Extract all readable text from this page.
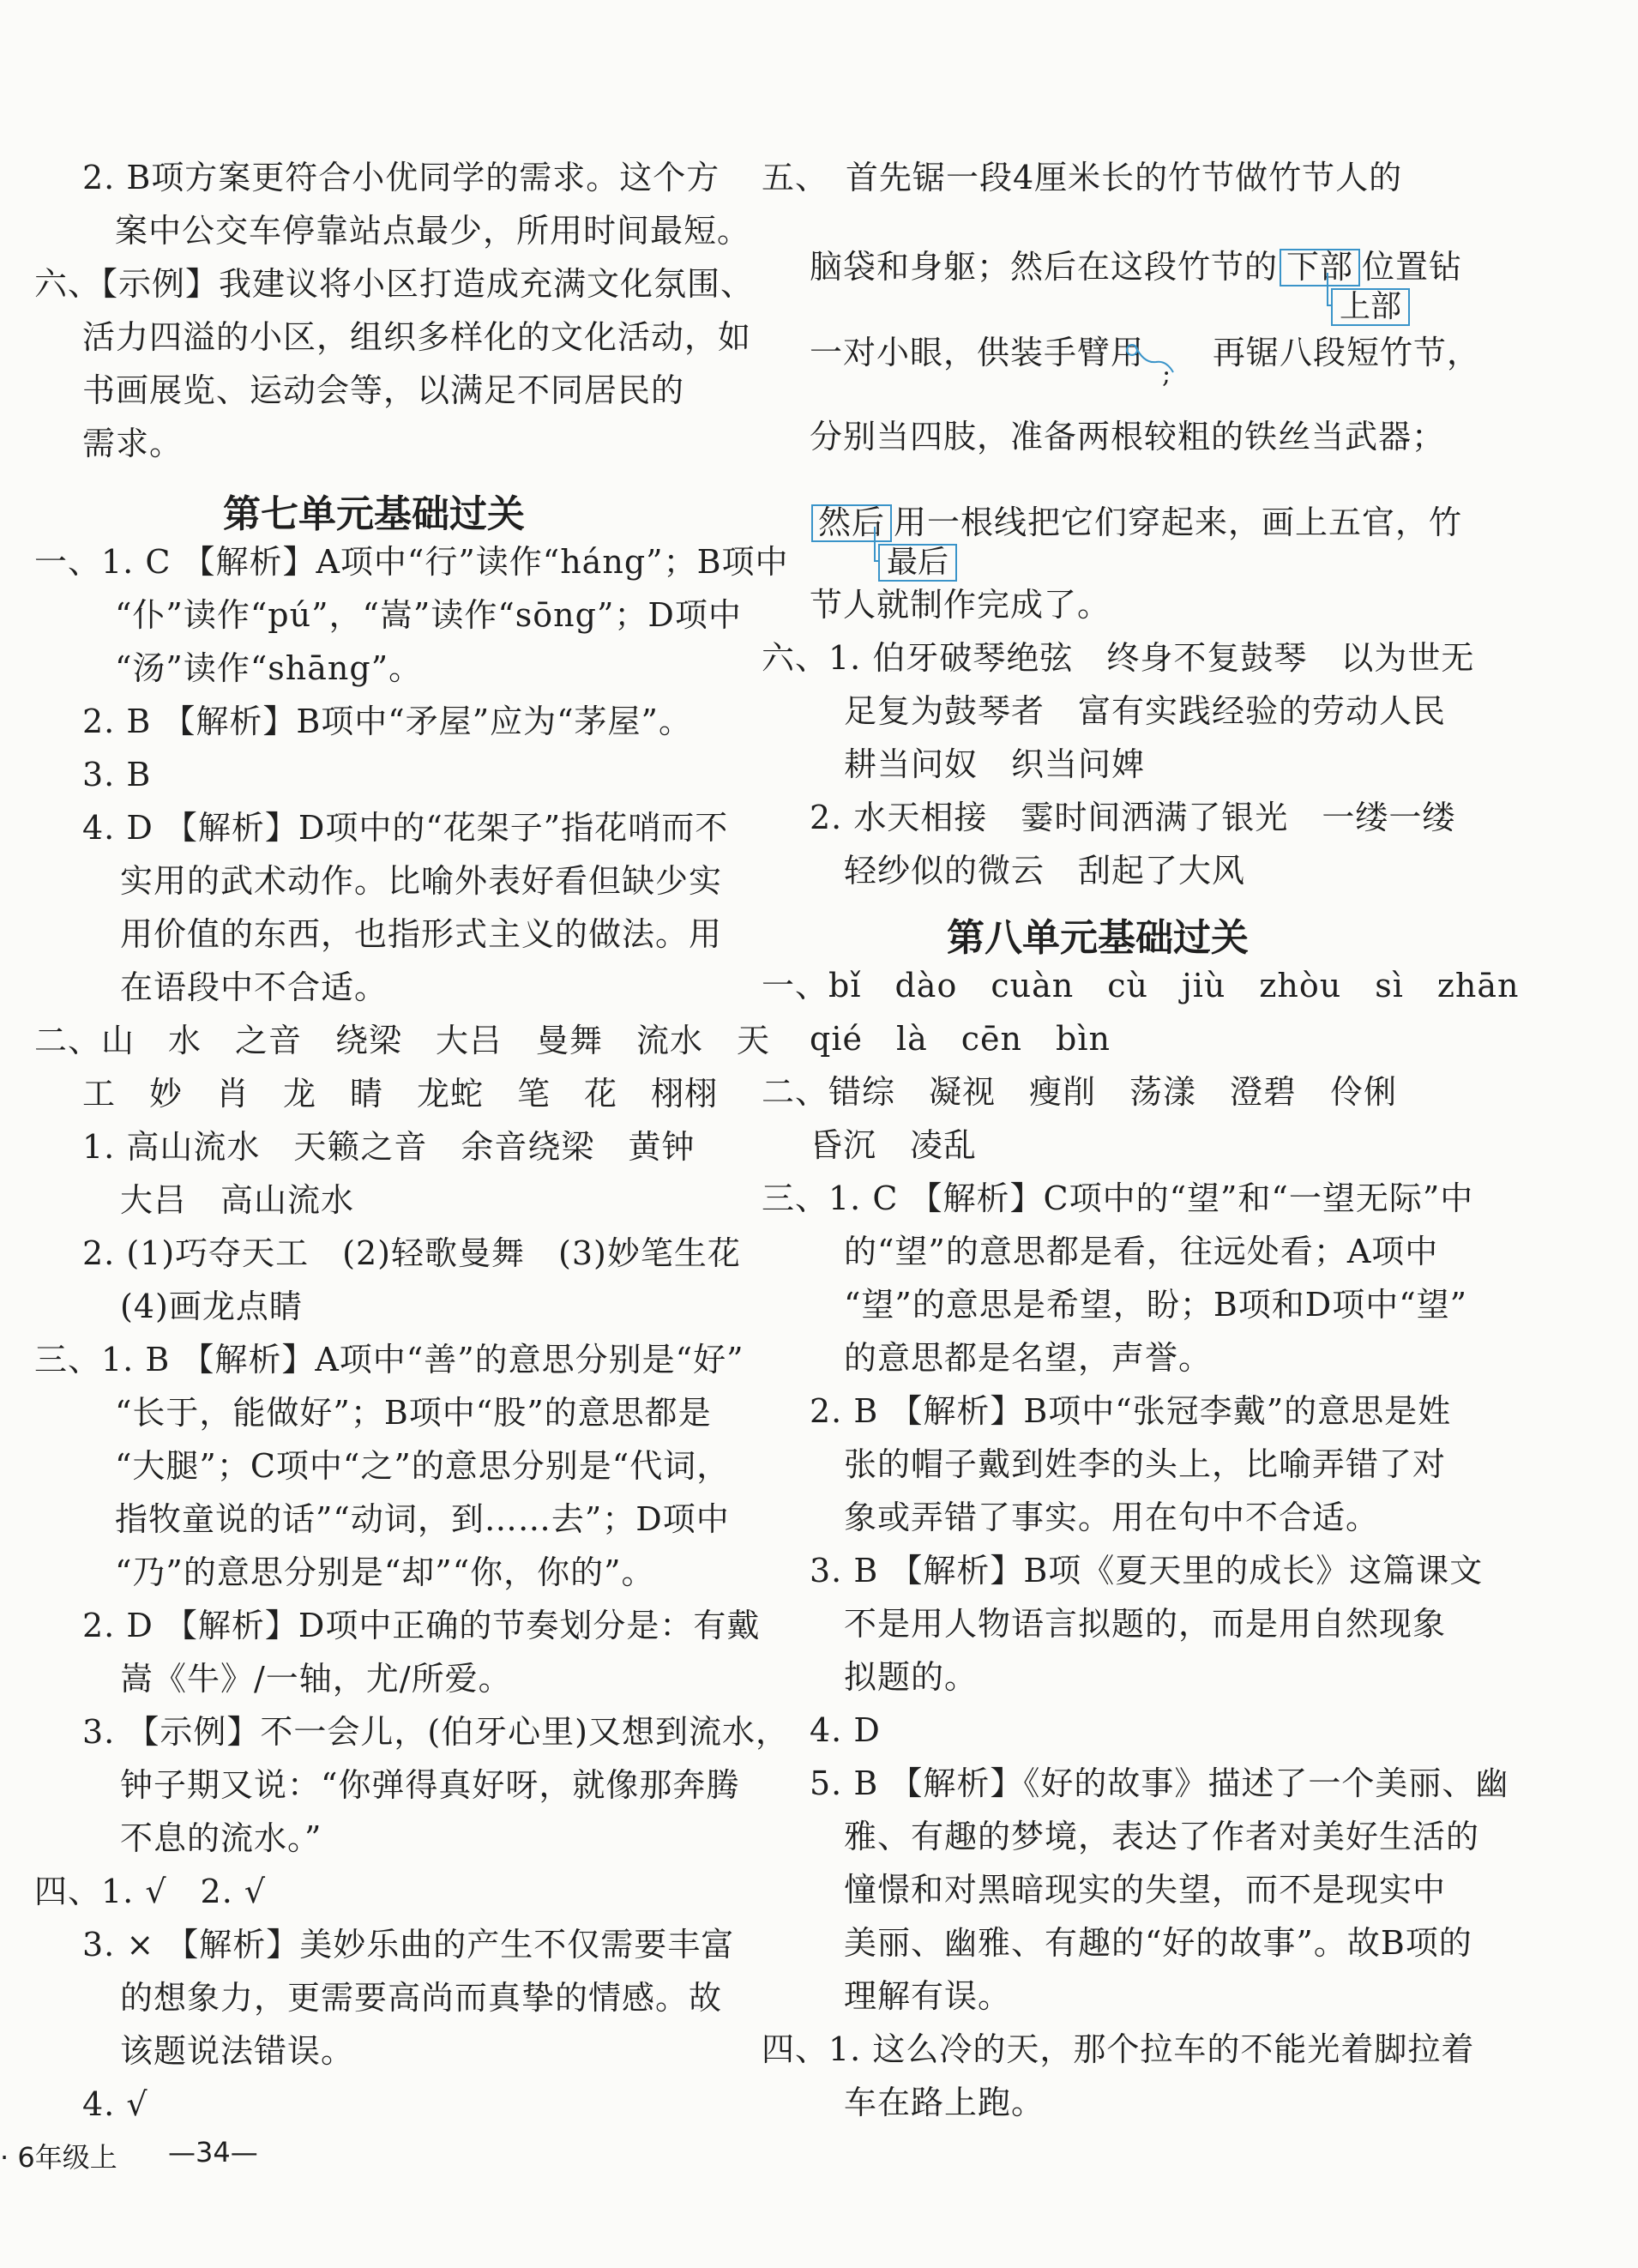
2. B项方案更符合小优同学的需求。这个方
案中公交车停靠站点最少，所用时间最短。
六、【示例】我建议将小区打造成充满文化氛围、
活力四溢的小区，组织多样化的文化活动，如
书画展览、运动会等，以满足不同居民的
需求。
第七单元基础过关
一、1. C 【解析】A项中“行”读作“háng”；B项中
“仆”读作“pú”，“嵩”读作“sōng”；D项中
“汤”读作“shāng”。
2. B 【解析】B项中“矛屋”应为“茅屋”。
3. B
4. D 【解析】D项中的“花架子”指花哨而不
实用的武术动作。比喻外表好看但缺少实
用价值的东西，也指形式主义的做法。用
在语段中不合适。
二、山　水　之音　绕梁　大吕　曼舞　流水　天
工　妙　肖　龙　睛　龙蛇　笔　花　栩栩
1. 高山流水　天籁之音　余音绕梁　黄钟
大吕　高山流水
2. (1)巧夺天工　(2)轻歌曼舞　(3)妙笔生花
(4)画龙点睛
三、1. B 【解析】A项中“善”的意思分别是“好”
“长于，能做好”；B项中“股”的意思都是
“大腿”；C项中“之”的意思分别是“代词，
指牧童说的话”“动词，到……去”；D项中
“乃”的意思分别是“却”“你，你的”。
2. D 【解析】D项中正确的节奏划分是：有戴
嵩《牛》/一轴，尤/所爱。
3. 【示例】不一会儿，(伯牙心里)又想到流水，
钟子期又说：“你弹得真好呀，就像那奔腾
不息的流水。”
四、1. √　2. √
3. × 【解析】美妙乐曲的产生不仅需要丰富
的想象力，更需要高尚而真挚的情感。故
该题说法错误。
4. √
五、　首先锯一段4厘米长的竹节做竹节人的
脑袋和身躯；然后在这段竹节的 下部 位置钻
上部
一对小眼，供装手臂用 再锯八段短竹节，
分别当四肢，准备两根较粗的铁丝当武器；
然后 用一根线把它们穿起来，画上五官，竹
最后
节人就制作完成了。
;
六、1. 伯牙破琴绝弦　终身不复鼓琴　以为世无
足复为鼓琴者　富有实践经验的劳动人民
耕当问奴　织当问婢
2. 水天相接　霎时间洒满了银光　一缕一缕
轻纱似的微云　刮起了大风
第八单元基础过关
一、bǐ　dào　cuàn　cù　jiù　zhòu　sì　zhān
qié　là　cēn　bìn
二、错综　凝视　瘦削　荡漾　澄碧　伶俐
昏沉　凌乱
三、1. C 【解析】C项中的“望”和“一望无际”中
的“望”的意思都是看，往远处看；A项中
“望”的意思是希望，盼；B项和D项中“望”
的意思都是名望，声誉。
2. B 【解析】B项中“张冠李戴”的意思是姓
张的帽子戴到姓李的头上，比喻弄错了对
象或弄错了事实。用在句中不合适。
3. B 【解析】B项《夏天里的成长》这篇课文
不是用人物语言拟题的，而是用自然现象
拟题的。
4. D
5. B 【解析】《好的故事》描述了一个美丽、幽
雅、有趣的梦境，表达了作者对美好生活的
憧憬和对黑暗现实的失望，而不是现实中
美丽、幽雅、有趣的“好的故事”。故B项的
理解有误。
四、1. 这么冷的天，那个拉车的不能光着脚拉着
车在路上跑。
· 6年级上 —34—
